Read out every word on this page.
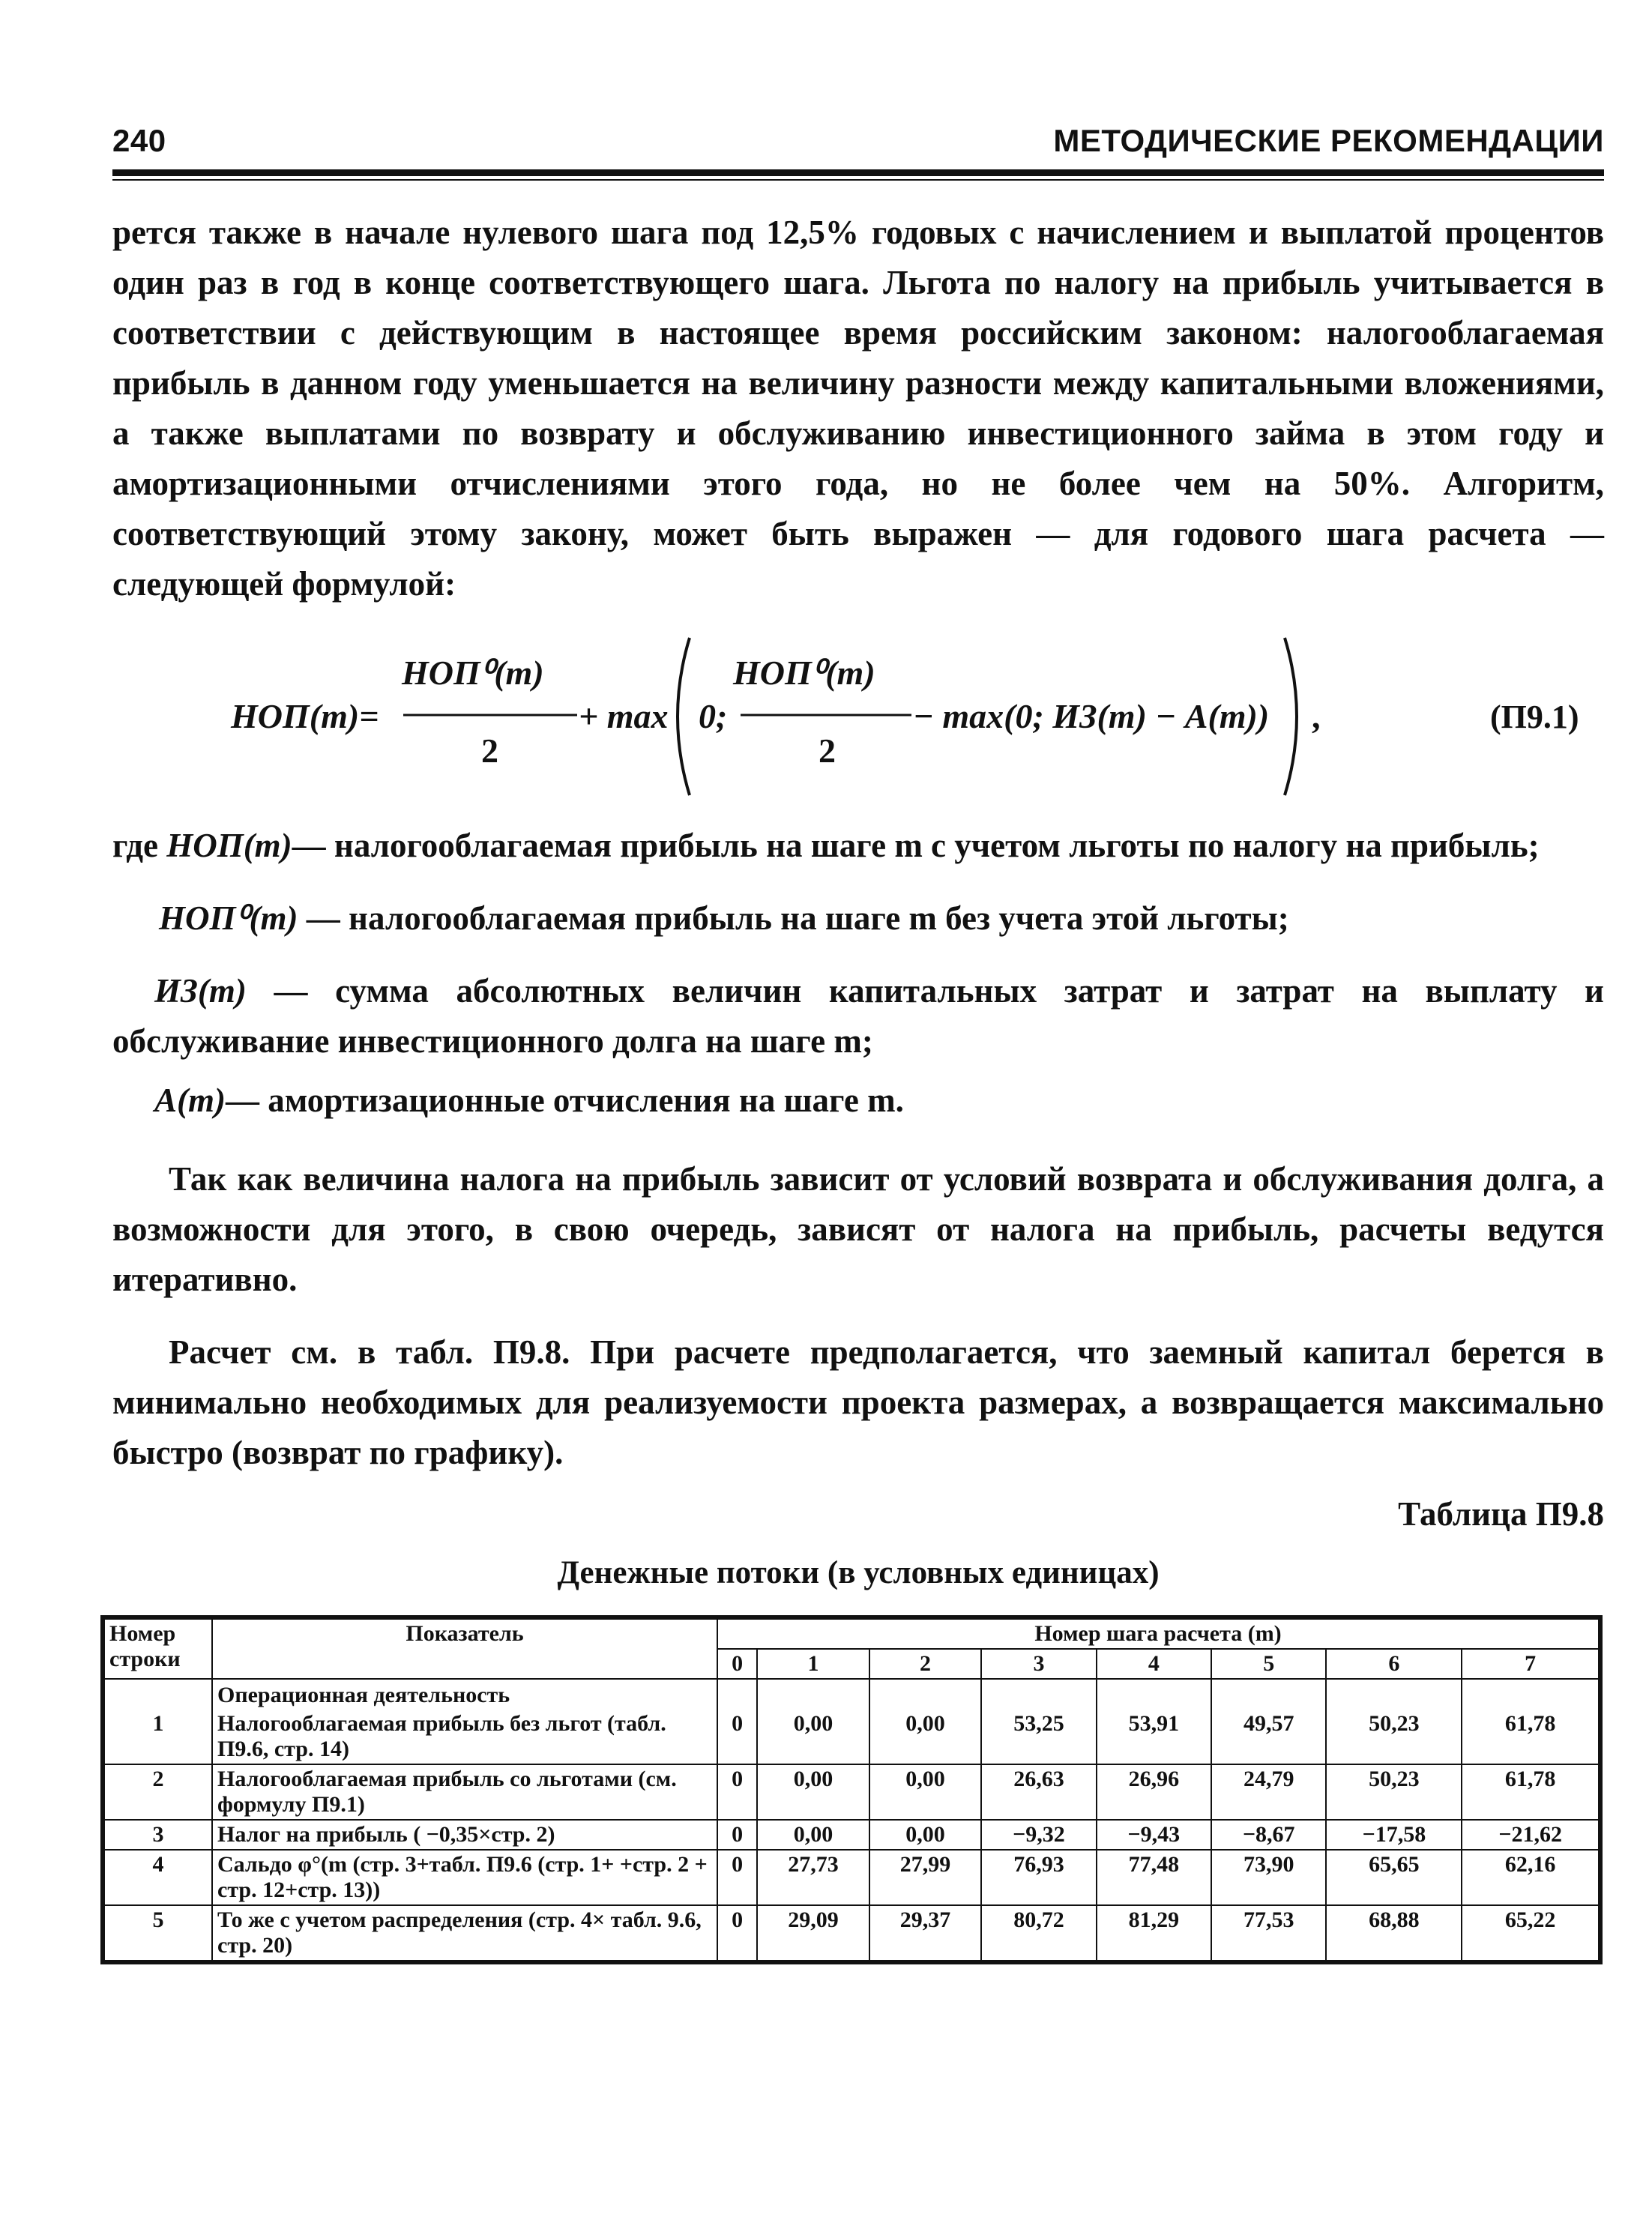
240	МЕТОДИЧЕСКИЕ РЕКОМЕНДАЦИИ

рется также в начале нулевого шага под 12,5% годовых с начислением и выплатой процентов один раз в год в конце соответствующего шага. Льгота по налогу на прибыль учитывается в соответствии с действующим в настоящее время российским законом: налогооблагаемая прибыль в данном году уменьшается на величину разности между капитальными вложениями, а также выплатами по возврату и обслуживанию инвестиционного займа в этом году и амортизационными отчислениями этого года, но не более чем на 50%. Алгоритм, соответствующий этому закону, может быть выражен — для годового шага расчета — следующей формулой:

НОП(m)=
НОП⁰(m)
2
+ max 0;
НОП⁰(m)
2
− max(0; ИЗ(m) − A(m)) ,	(П9.1)
где НОП(m)— налогооблагаемая прибыль на шаге m с учетом льготы по налогу на прибыль;
НОП⁰(m) — налогооблагаемая прибыль на шаге m без учета этой льготы;
ИЗ(m) — сумма абсолютных величин капитальных затрат и затрат на выплату и обслуживание инвестиционного долга на шаге m;
A(m)— амортизационные отчисления на шаге m.

Так как величина налога на прибыль зависит от условий возврата и обслуживания долга, а возможности для этого, в свою очередь, зависят от налога на прибыль, расчеты ведутся итеративно.

Расчет см. в табл. П9.8. При расчете предполагается, что заемный капитал берется в минимально необходимых для реализуемости проекта размерах, а возвращается максимально быстро (возврат по графику).

Таблица П9.8
Денежные потоки (в условных единицах)
Номер
строки	Показатель	Номер шага расчета (m)							
		0	1	2	3	4	5	6	7
	Операционная деятельность								
1	Налогооблагаемая прибыль без льгот (табл. П9.6, стр. 14)	0	0,00	0,00	53,25	53,91	49,57	50,23	61,78
2	Налогооблагаемая прибыль со льготами (см. формулу П9.1)	0	0,00	0,00	26,63	26,96	24,79	50,23	61,78
3	Налог на прибыль ( −0,35×стр. 2)	0	0,00	0,00	−9,32	−9,43	−8,67	−17,58	−21,62
4	Сальдо φ°(m (стр. 3+табл. П9.6 (стр. 1+ +стр. 2 + стр. 12+стр. 13))	0	27,73	27,99	76,93	77,48	73,90	65,65	62,16
5	То же с учетом распределения (стр. 4× табл. 9.6, стр. 20)	0	29,09	29,37	80,72	81,29	77,53	68,88	65,22
